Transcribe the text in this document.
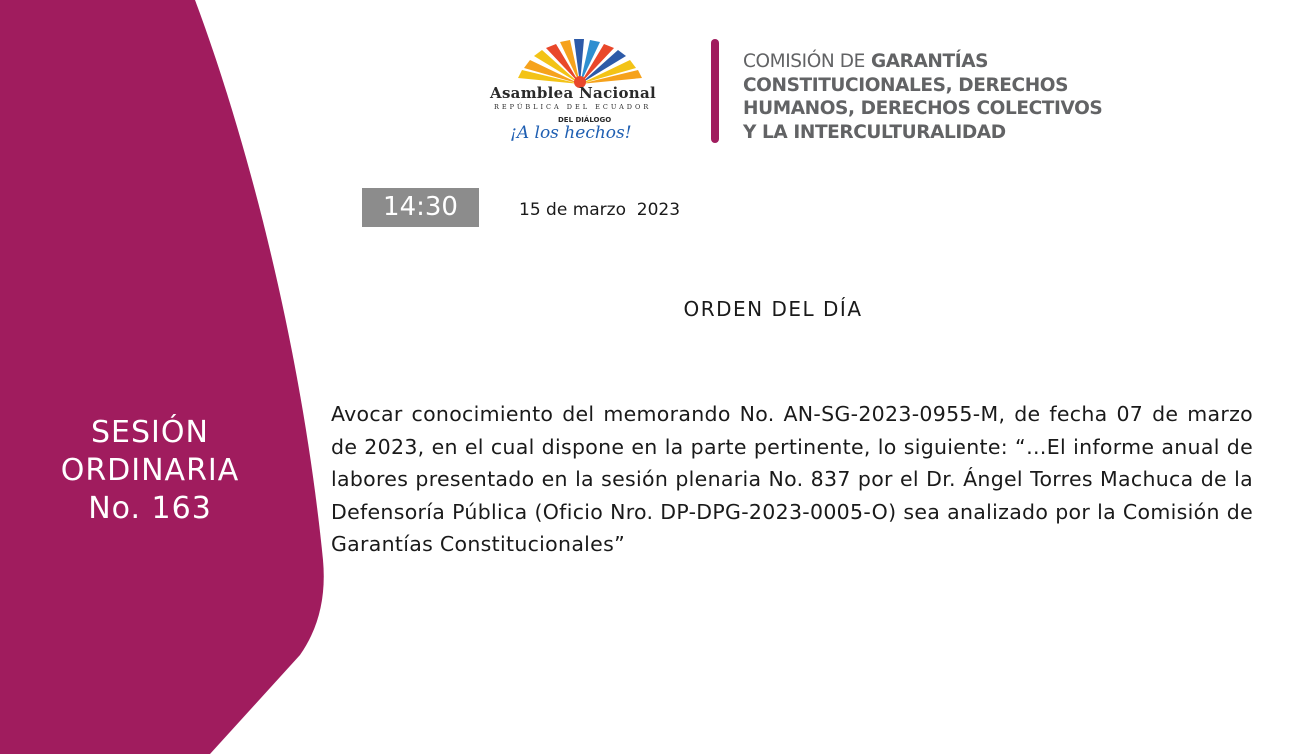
SESIÓN
ORDINARIA
No. 163
Asamblea Nacional
REPÚBLICA DEL ECUADOR
DEL DIÁLOGO
¡A los hechos!
COMISIÓN DE GARANTÍAS
CONSTITUCIONALES, DERECHOS
HUMANOS, DERECHOS COLECTIVOS
Y LA INTERCULTURALIDAD
14:30	15 de marzo  2023
ORDEN DEL DÍA
Avocar conocimiento del memorando No. AN-SG-2023-0955-M, de fecha 07 de marzo de 2023, en el cual dispone en la parte pertinente, lo siguiente: “…El informe anual de labores presentado en la sesión plenaria No. 837 por el Dr. Ángel Torres Machuca de la Defensoría Pública (Oficio Nro. DP-DPG-2023-0005-O) sea analizado por la Comisión de Garantías Constitucionales”
